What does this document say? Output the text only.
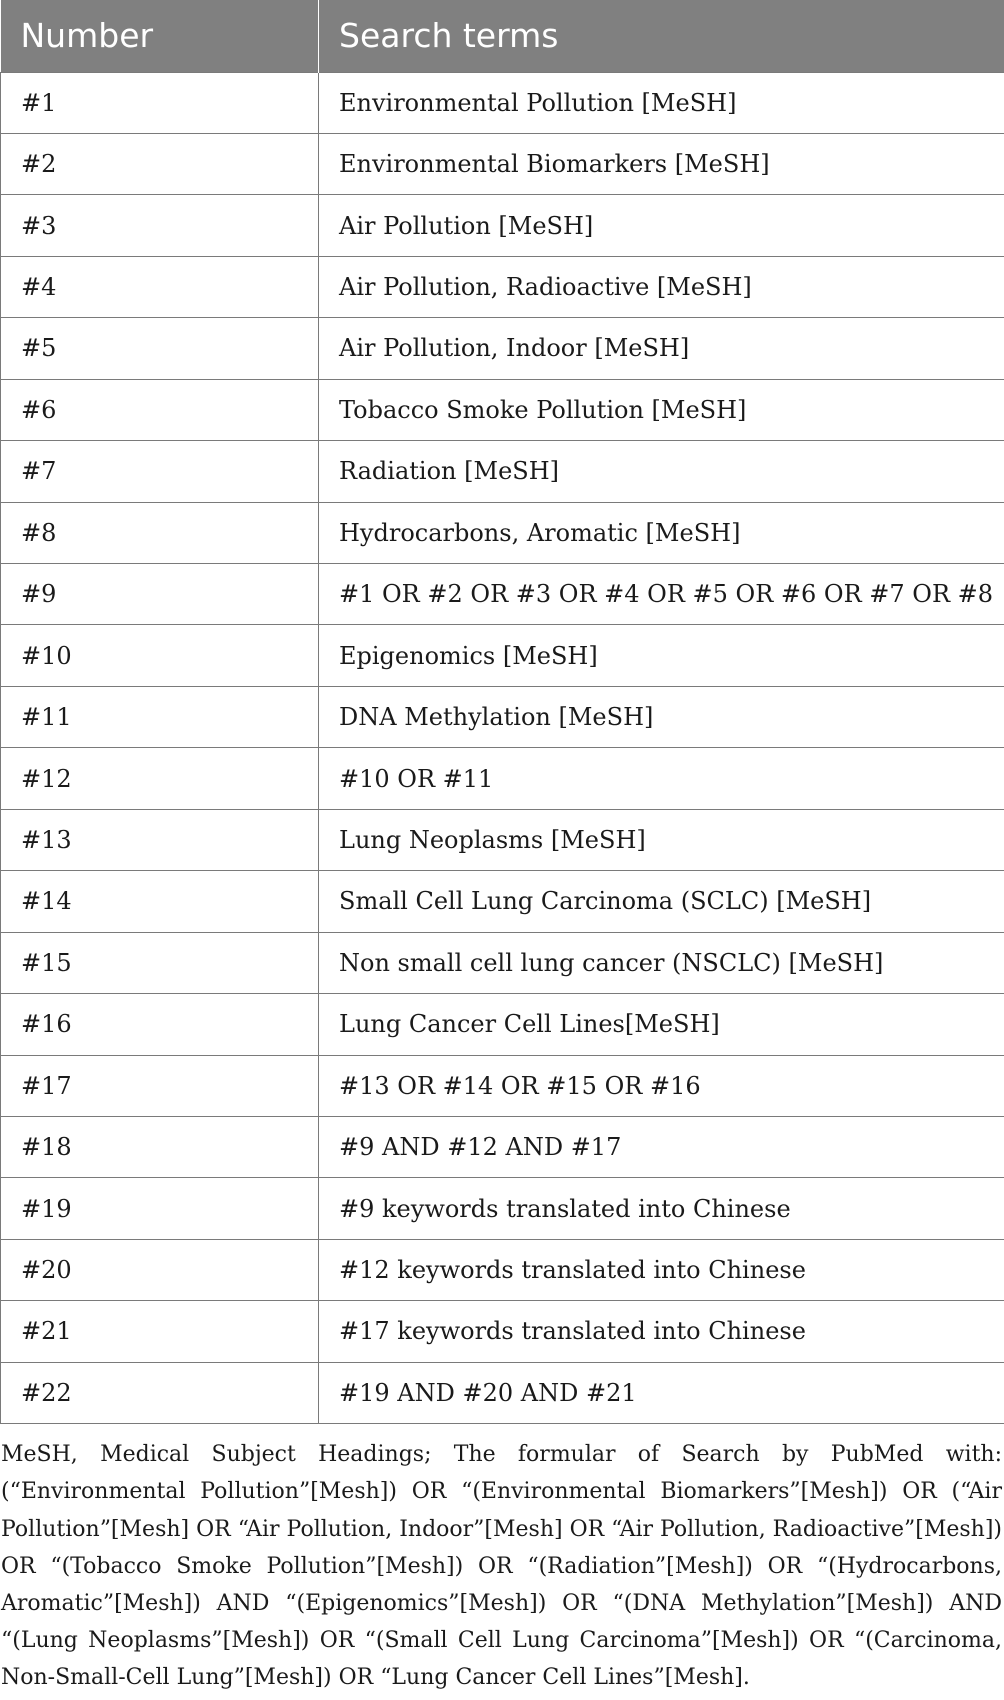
Number	Search terms
#1	Environmental Pollution [MeSH]
#2	Environmental Biomarkers [MeSH]
#3	Air Pollution [MeSH]
#4	Air Pollution, Radioactive [MeSH]
#5	Air Pollution, Indoor [MeSH]
#6	Tobacco Smoke Pollution [MeSH]
#7	Radiation [MeSH]
#8	Hydrocarbons, Aromatic [MeSH]
#9	#1 OR #2 OR #3 OR #4 OR #5 OR #6 OR #7 OR #8
#10	Epigenomics [MeSH]
#11	DNA Methylation [MeSH]
#12	#10 OR #11
#13	Lung Neoplasms [MeSH]
#14	Small Cell Lung Carcinoma (SCLC) [MeSH]
#15	Non small cell lung cancer (NSCLC) [MeSH]
#16	Lung Cancer Cell Lines[MeSH]
#17	#13 OR #14 OR #15 OR #16
#18	#9 AND #12 AND #17
#19	#9 keywords translated into Chinese
#20	#12 keywords translated into Chinese
#21	#17 keywords translated into Chinese
#22	#19 AND #20 AND #21

MeSH, Medical Subject Headings; The formular of Search by PubMed with: (“Environmental Pollution”[Mesh]) OR “(Environmental Biomarkers”[Mesh]) OR (“Air Pollution”[Mesh] OR “Air Pollution, Indoor”[Mesh] OR “Air Pollution, Radioactive”[Mesh]) OR “(Tobacco Smoke Pollution”[Mesh]) OR “(Radiation”[Mesh]) OR “(Hydrocarbons, Aromatic”[Mesh]) AND “(Epigenomics”[Mesh]) OR “(DNA Methylation”[Mesh]) AND “(Lung Neoplasms”[Mesh]) OR “(Small Cell Lung Carcinoma”[Mesh]) OR “(Carcinoma, Non-Small-Cell Lung”[Mesh]) OR “Lung Cancer Cell Lines”[Mesh].
